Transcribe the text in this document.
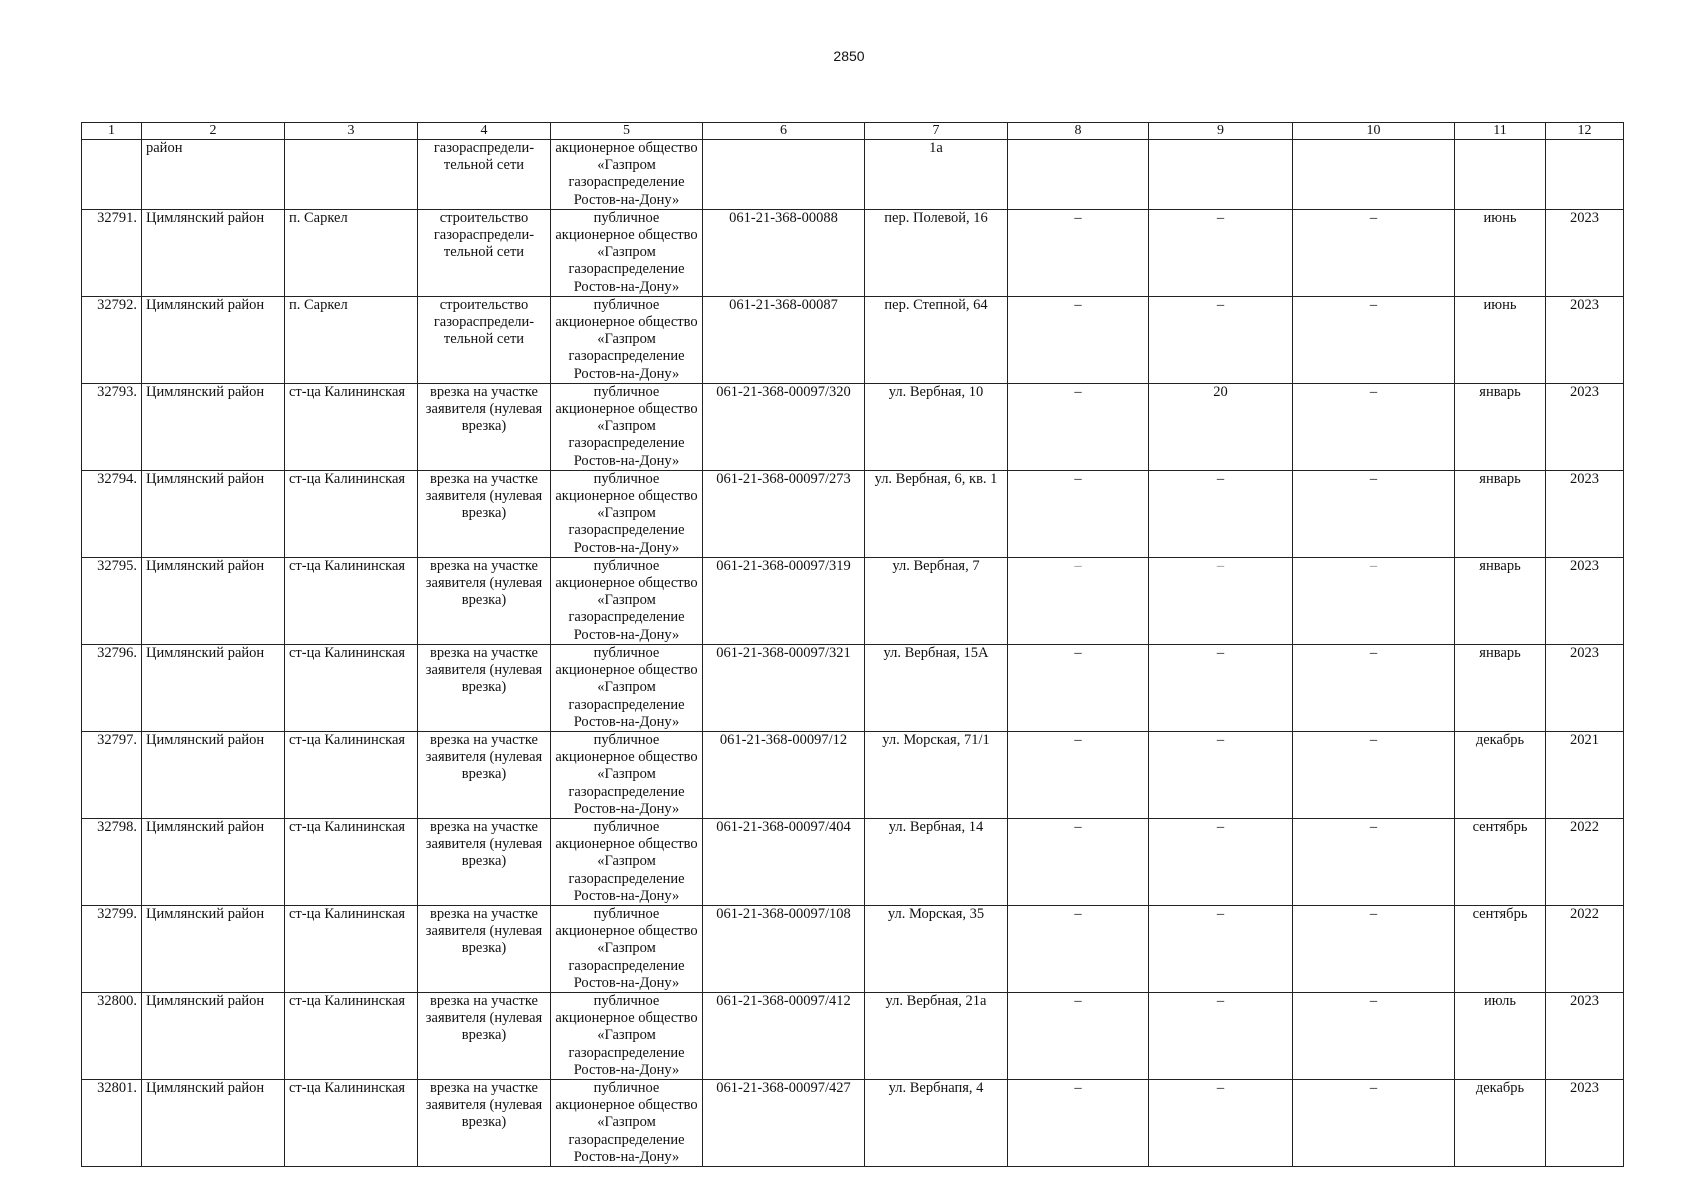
2850
1	2	3	4	5	6	7	8	9	10	11	12
	район		газораспредели-тельной сети	акционерное общество «Газпром газораспределение Ростов-на-Дону»		1а					
32791.	Цимлянский район	п. Саркел	строительство газораспредели-тельной сети	публичное акционерное общество «Газпром газораспределение Ростов-на-Дону»	061-21-368-00088	пер. Полевой, 16	–	–	–	июнь	2023
32792.	Цимлянский район	п. Саркел	строительство газораспредели-тельной сети	публичное акционерное общество «Газпром газораспределение Ростов-на-Дону»	061-21-368-00087	пер. Степной, 64	–	–	–	июнь	2023
32793.	Цимлянский район	ст-ца Калининская	врезка на участке заявителя (нулевая врезка)	публичное акционерное общество «Газпром газораспределение Ростов-на-Дону»	061-21-368-00097/320	ул. Вербная, 10	–	20	–	январь	2023
32794.	Цимлянский район	ст-ца Калининская	врезка на участке заявителя (нулевая врезка)	публичное акционерное общество «Газпром газораспределение Ростов-на-Дону»	061-21-368-00097/273	ул. Вербная, 6, кв. 1	–	–	–	январь	2023
32795.	Цимлянский район	ст-ца Калининская	врезка на участке заявителя (нулевая врезка)	публичное акционерное общество «Газпром газораспределение Ростов-на-Дону»	061-21-368-00097/319	ул. Вербная, 7	–	–	–	январь	2023
32796.	Цимлянский район	ст-ца Калининская	врезка на участке заявителя (нулевая врезка)	публичное акционерное общество «Газпром газораспределение Ростов-на-Дону»	061-21-368-00097/321	ул. Вербная, 15А	–	–	–	январь	2023
32797.	Цимлянский район	ст-ца Калининская	врезка на участке заявителя (нулевая врезка)	публичное акционерное общество «Газпром газораспределение Ростов-на-Дону»	061-21-368-00097/12	ул. Морская, 71/1	–	–	–	декабрь	2021
32798.	Цимлянский район	ст-ца Калининская	врезка на участке заявителя (нулевая врезка)	публичное акционерное общество «Газпром газораспределение Ростов-на-Дону»	061-21-368-00097/404	ул. Вербная, 14	–	–	–	сентябрь	2022
32799.	Цимлянский район	ст-ца Калининская	врезка на участке заявителя (нулевая врезка)	публичное акционерное общество «Газпром газораспределение Ростов-на-Дону»	061-21-368-00097/108	ул. Морская, 35	–	–	–	сентябрь	2022
32800.	Цимлянский район	ст-ца Калининская	врезка на участке заявителя (нулевая врезка)	публичное акционерное общество «Газпром газораспределение Ростов-на-Дону»	061-21-368-00097/412	ул. Вербная, 21а	–	–	–	июль	2023
32801.	Цимлянский район	ст-ца Калининская	врезка на участке заявителя (нулевая врезка)	публичное акционерное общество «Газпром газораспределение Ростов-на-Дону»	061-21-368-00097/427	ул. Вербнапя, 4	–	–	–	декабрь	2023
